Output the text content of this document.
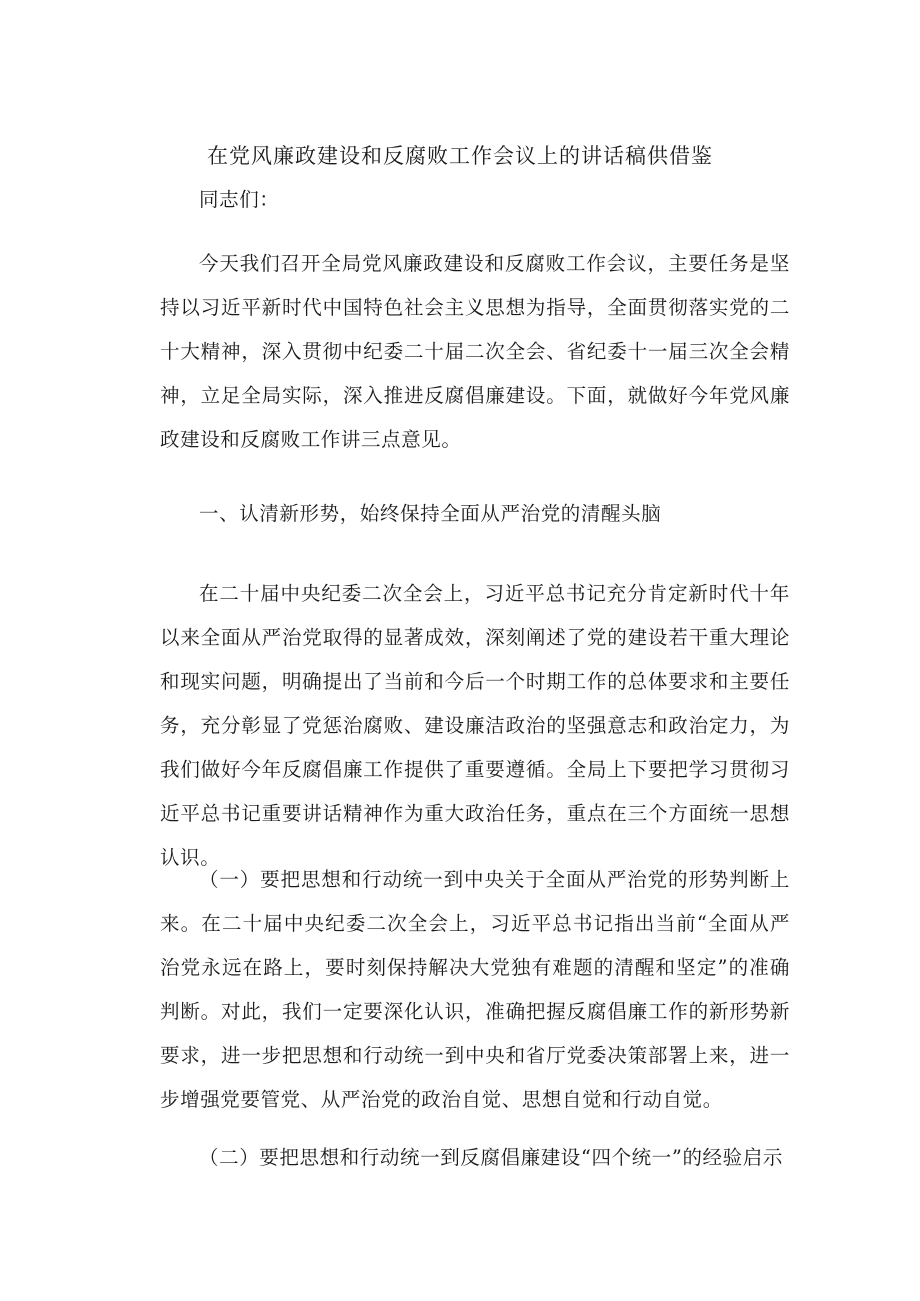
在党风廉政建设和反腐败工作会议上的讲话稿供借鉴
同志们：
今天我们召开全局党风廉政建设和反腐败工作会议，主要任务是坚持以习近平新时代中国特色社会主义思想为指导，全面贯彻落实党的二十大精神，深入贯彻中纪委二十届二次全会、省纪委十一届三次全会精神，立足全局实际，深入推进反腐倡廉建设。下面，就做好今年党风廉政建设和反腐败工作讲三点意见。
一、认清新形势，始终保持全面从严治党的清醒头脑
在二十届中央纪委二次全会上，习近平总书记充分肯定新时代十年以来全面从严治党取得的显著成效，深刻阐述了党的建设若干重大理论和现实问题，明确提出了当前和今后一个时期工作的总体要求和主要任务，充分彰显了党惩治腐败、建设廉洁政治的坚强意志和政治定力，为我们做好今年反腐倡廉工作提供了重要遵循。全局上下要把学习贯彻习近平总书记重要讲话精神作为重大政治任务，重点在三个方面统一思想认识。
（一）要把思想和行动统一到中央关于全面从严治党的形势判断上来。在二十届中央纪委二次全会上，习近平总书记指出当前“全面从严治党永远在路上，要时刻保持解决大党独有难题的清醒和坚定”的准确判断。对此，我们一定要深化认识，准确把握反腐倡廉工作的新形势新要求，进一步把思想和行动统一到中央和省厅党委决策部署上来，进一步增强党要管党、从严治党的政治自觉、思想自觉和行动自觉。
（二）要把思想和行动统一到反腐倡廉建设“四个统一”的经验启示
